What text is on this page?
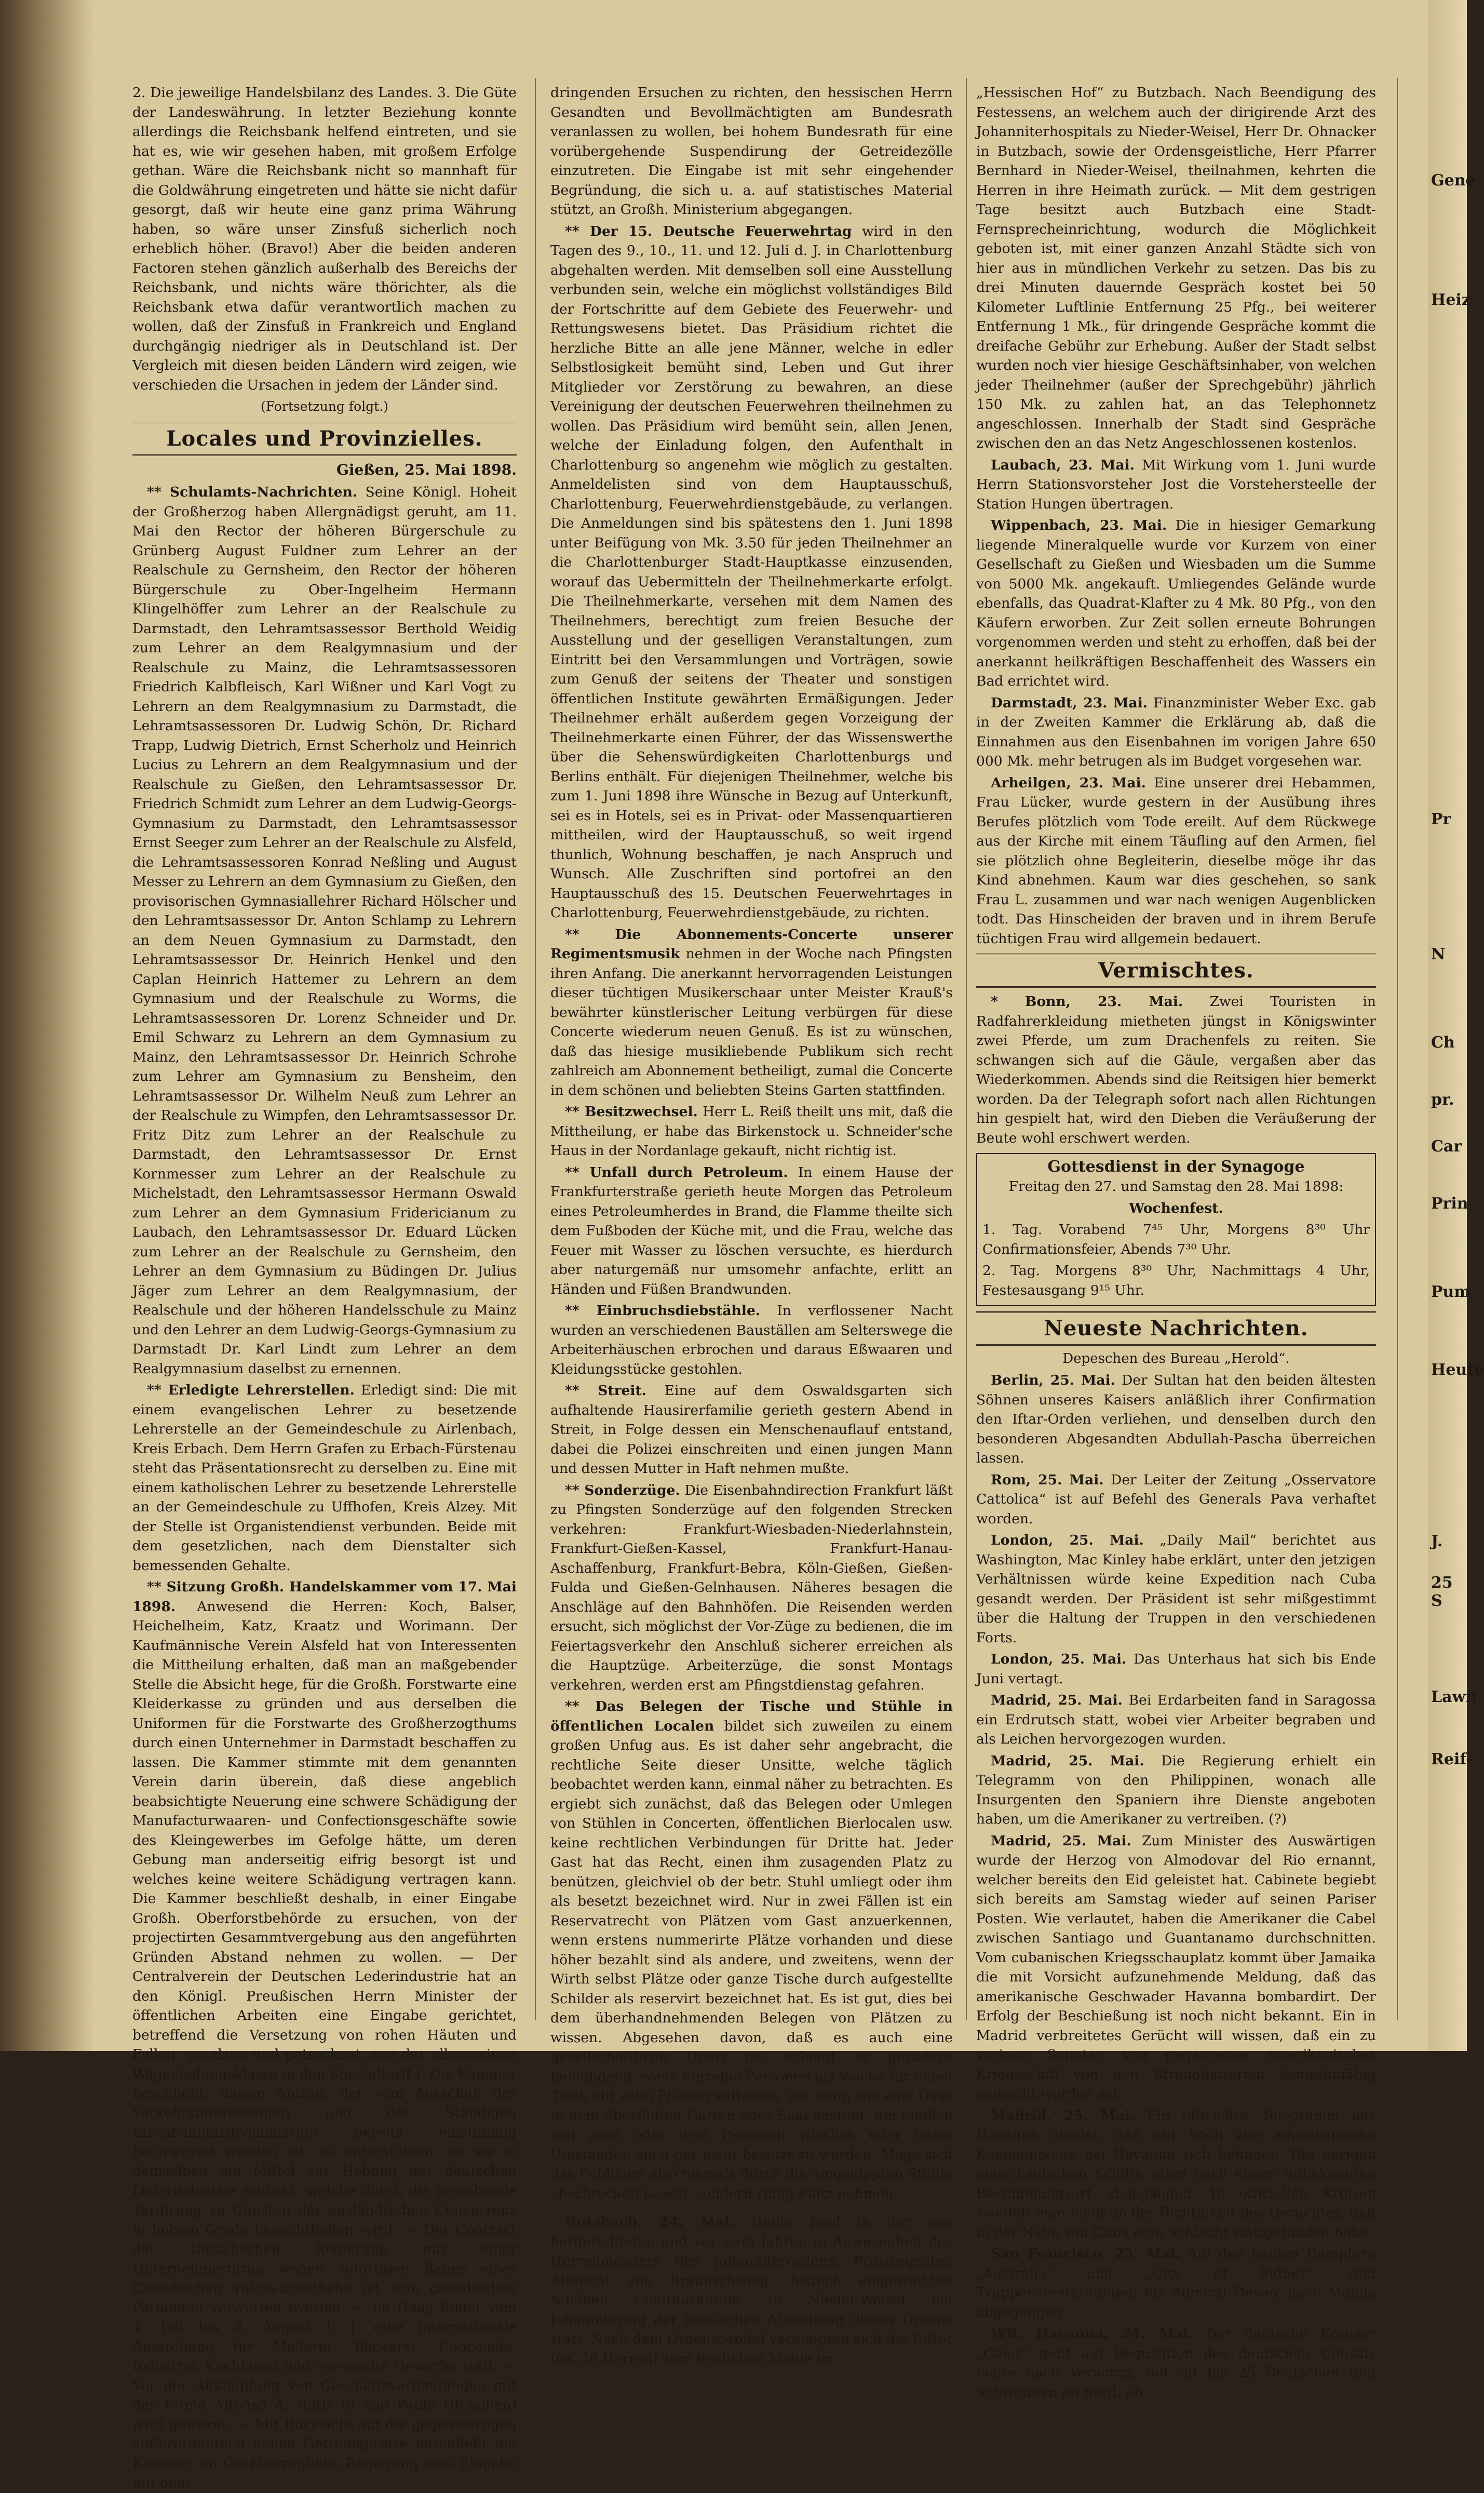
2. Die jeweilige Handelsbilanz des Landes. 3. Die Güte der Landeswährung. In letzter Beziehung konnte allerdings die Reichsbank helfend eintreten, und sie hat es, wie wir gesehen haben, mit großem Erfolge gethan. Wäre die Reichsbank nicht so mannhaft für die Goldwährung eingetreten und hätte sie nicht dafür gesorgt, daß wir heute eine ganz prima Währung haben, so wäre unser Zinsfuß sicherlich noch erheblich höher. (Bravo!) Aber die beiden anderen Factoren stehen gänzlich außerhalb des Bereichs der Reichsbank, und nichts wäre thörichter, als die Reichsbank etwa dafür verantwortlich machen zu wollen, daß der Zinsfuß in Frankreich und England durchgängig niedriger als in Deutschland ist. Der Vergleich mit diesen beiden Ländern wird zeigen, wie verschieden die Ursachen in jedem der Länder sind.

(Fortsetzung folgt.)
Locales und Provinzielles.
Gießen, 25. Mai 1898.

** Schulamts-Nachrichten. Seine Königl. Hoheit der Großherzog haben Allergnädigst geruht, am 11. Mai den Rector der höheren Bürgerschule zu Grünberg August Fuldner zum Lehrer an der Realschule zu Gernsheim, den Rector der höheren Bürgerschule zu Ober-Ingelheim Hermann Klingelhöffer zum Lehrer an der Realschule zu Darmstadt, den Lehramtsassessor Berthold Weidig zum Lehrer an dem Realgymnasium und der Realschule zu Mainz, die Lehramtsassessoren Friedrich Kalbfleisch, Karl Wißner und Karl Vogt zu Lehrern an dem Realgymnasium zu Darmstadt, die Lehramtsassessoren Dr. Ludwig Schön, Dr. Richard Trapp, Ludwig Dietrich, Ernst Scherholz und Heinrich Lucius zu Lehrern an dem Realgymnasium und der Realschule zu Gießen, den Lehramtsassessor Dr. Friedrich Schmidt zum Lehrer an dem Ludwig-Georgs-Gymnasium zu Darmstadt, den Lehramtsassessor Ernst Seeger zum Lehrer an der Realschule zu Alsfeld, die Lehramtsassessoren Konrad Neßling und August Messer zu Lehrern an dem Gymnasium zu Gießen, den provisorischen Gymnasiallehrer Richard Hölscher und den Lehramtsassessor Dr. Anton Schlamp zu Lehrern an dem Neuen Gymnasium zu Darmstadt, den Lehramtsassessor Dr. Heinrich Henkel und den Caplan Heinrich Hattemer zu Lehrern an dem Gymnasium und der Realschule zu Worms, die Lehramtsassessoren Dr. Lorenz Schneider und Dr. Emil Schwarz zu Lehrern an dem Gymnasium zu Mainz, den Lehramtsassessor Dr. Heinrich Schrohe zum Lehrer am Gymnasium zu Bensheim, den Lehramtsassessor Dr. Wilhelm Neuß zum Lehrer an der Realschule zu Wimpfen, den Lehramtsassessor Dr. Fritz Ditz zum Lehrer an der Realschule zu Darmstadt, den Lehramtsassessor Dr. Ernst Kornmesser zum Lehrer an der Realschule zu Michelstadt, den Lehramtsassessor Hermann Oswald zum Lehrer an dem Gymnasium Fridericianum zu Laubach, den Lehramtsassessor Dr. Eduard Lücken zum Lehrer an der Realschule zu Gernsheim, den Lehrer an dem Gymnasium zu Büdingen Dr. Julius Jäger zum Lehrer an dem Realgymnasium, der Realschule und der höheren Handelsschule zu Mainz und den Lehrer an dem Ludwig-Georgs-Gymnasium zu Darmstadt Dr. Karl Lindt zum Lehrer an dem Realgymnasium daselbst zu ernennen.

** Erledigte Lehrerstellen. Erledigt sind: Die mit einem evangelischen Lehrer zu besetzende Lehrerstelle an der Gemeindeschule zu Airlenbach, Kreis Erbach. Dem Herrn Grafen zu Erbach-Fürstenau steht das Präsentationsrecht zu derselben zu. Eine mit einem katholischen Lehrer zu besetzende Lehrerstelle an der Gemeindeschule zu Uffhofen, Kreis Alzey. Mit der Stelle ist Organistendienst verbunden. Beide mit dem gesetzlichen, nach dem Dienstalter sich bemessenden Gehalte.

** Sitzung Großh. Handelskammer vom 17. Mai 1898. Anwesend die Herren: Koch, Balser, Heichelheim, Katz, Kraatz und Worimann. Der Kaufmännische Verein Alsfeld hat von Interessenten die Mittheilung erhalten, daß man an maßgebender Stelle die Absicht hege, für die Großh. Forstwarte eine Kleiderkasse zu gründen und aus derselben die Uniformen für die Forstwarte des Großherzogthums durch einen Unternehmer in Darmstadt beschaffen zu lassen. Die Kammer stimmte mit dem genannten Verein darin überein, daß diese angeblich beabsichtigte Neuerung eine schwere Schädigung der Manufacturwaaren- und Confectionsgeschäfte sowie des Kleingewerbes im Gefolge hätte, um deren Gebung man anderseitig eifrig besorgt ist und welches keine weitere Schädigung vertragen kann. Die Kammer beschließt deshalb, in einer Eingabe Großh. Oberforstbehörde zu ersuchen, von der projectirten Gesammtvergebung aus den angeführten Gründen Abstand nehmen zu wollen. — Der Centralverein der Deutschen Lederindustrie hat an den Königl. Preußischen Herrn Minister der öffentlichen Arbeiten eine Eingabe gerichtet, betreffend die Versetzung von rohen Häuten und Fellen, gesalzen und getrocknet, aus der allgemeinen Wagenladungsklasse in den Specialtarif I. Die Kammer beschließt, diesen Antrag, der vom Ausschuß der Verkehrsinteressenten und der Ständigen Eisenbahntarifcommission bereits einstimmig befürwortet worden ist, zu unterstützen, da sie in demselben ein Mittel zur Hebung der deutschen Lederindustrie erblickt, welche durch die bestehende Tarifirung zu Gunsten der ausländischen Concurrenz in hohem Grade benachtheiligt wird. — Der Contract der Canadischen Regierung mit einer Unternehmerfirma wegen sofortigen Baues einer Canadischen Yukon-Eisenbahn ist vom canadischen Parlament verworfen worden. — Im Haag findet vom 4. Juli bis 2. August l. J. eine internationale Ausstellung für Müllerei, Bäckerei, Chocolade-Industrie, Kochkunst und verwandte Gewerbe statt. — Vor der Anknüpfung von Geschäftsverbindungen mit der Firma Alfonso A. Rutis in Sao Paulo (Brasilien) wird gewarnt. — Mit Rücksicht auf die gegenwärtigen außerordentlich hohen Getreidepreise beschließt die Kammer, an Großherzogliche Regierung eine Eingabe mit dem

dringenden Ersuchen zu richten, den hessischen Herrn Gesandten und Bevollmächtigten am Bundesrath veranlassen zu wollen, bei hohem Bundesrath für eine vorübergehende Suspendirung der Getreidezölle einzutreten. Die Eingabe ist mit sehr eingehender Begründung, die sich u. a. auf statistisches Material stützt, an Großh. Ministerium abgegangen.

** Der 15. Deutsche Feuerwehrtag wird in den Tagen des 9., 10., 11. und 12. Juli d. J. in Charlottenburg abgehalten werden. Mit demselben soll eine Ausstellung verbunden sein, welche ein möglichst vollständiges Bild der Fortschritte auf dem Gebiete des Feuerwehr- und Rettungswesens bietet. Das Präsidium richtet die herzliche Bitte an alle jene Männer, welche in edler Selbstlosigkeit bemüht sind, Leben und Gut ihrer Mitglieder vor Zerstörung zu bewahren, an diese Vereinigung der deutschen Feuerwehren theilnehmen zu wollen. Das Präsidium wird bemüht sein, allen Jenen, welche der Einladung folgen, den Aufenthalt in Charlottenburg so angenehm wie möglich zu gestalten. Anmeldelisten sind von dem Hauptausschuß, Charlottenburg, Feuerwehrdienstgebäude, zu verlangen. Die Anmeldungen sind bis spätestens den 1. Juni 1898 unter Beifügung von Mk. 3.50 für jeden Theilnehmer an die Charlottenburger Stadt-Hauptkasse einzusenden, worauf das Uebermitteln der Theilnehmerkarte erfolgt. Die Theilnehmerkarte, versehen mit dem Namen des Theilnehmers, berechtigt zum freien Besuche der Ausstellung und der geselligen Veranstaltungen, zum Eintritt bei den Versammlungen und Vorträgen, sowie zum Genuß der seitens der Theater und sonstigen öffentlichen Institute gewährten Ermäßigungen. Jeder Theilnehmer erhält außerdem gegen Vorzeigung der Theilnehmerkarte einen Führer, der das Wissenswerthe über die Sehenswürdigkeiten Charlottenburgs und Berlins enthält. Für diejenigen Theilnehmer, welche bis zum 1. Juni 1898 ihre Wünsche in Bezug auf Unterkunft, sei es in Hotels, sei es in Privat- oder Massenquartieren mittheilen, wird der Hauptausschuß, so weit irgend thunlich, Wohnung beschaffen, je nach Anspruch und Wunsch. Alle Zuschriften sind portofrei an den Hauptausschuß des 15. Deutschen Feuerwehrtages in Charlottenburg, Feuerwehrdienstgebäude, zu richten.

** Die Abonnements-Concerte unserer Regimentsmusik nehmen in der Woche nach Pfingsten ihren Anfang. Die anerkannt hervorragenden Leistungen dieser tüchtigen Musikerschaar unter Meister Krauß's bewährter künstlerischer Leitung verbürgen für diese Concerte wiederum neuen Genuß. Es ist zu wünschen, daß das hiesige musikliebende Publikum sich recht zahlreich am Abonnement betheiligt, zumal die Concerte in dem schönen und beliebten Steins Garten stattfinden.

** Besitzwechsel. Herr L. Reiß theilt uns mit, daß die Mittheilung, er habe das Birkenstock u. Schneider'sche Haus in der Nordanlage gekauft, nicht richtig ist.

** Unfall durch Petroleum. In einem Hause der Frankfurterstraße gerieth heute Morgen das Petroleum eines Petroleumherdes in Brand, die Flamme theilte sich dem Fußboden der Küche mit, und die Frau, welche das Feuer mit Wasser zu löschen versuchte, es hierdurch aber naturgemäß nur umsomehr anfachte, erlitt an Händen und Füßen Brandwunden.

** Einbruchsdiebstähle. In verflossener Nacht wurden an verschiedenen Bauställen am Selterswege die Arbeiterhäuschen erbrochen und daraus Eßwaaren und Kleidungsstücke gestohlen.

** Streit. Eine auf dem Oswaldsgarten sich aufhaltende Hausirerfamilie gerieth gestern Abend in Streit, in Folge dessen ein Menschenauflauf entstand, dabei die Polizei einschreiten und einen jungen Mann und dessen Mutter in Haft nehmen mußte.

** Sonderzüge. Die Eisenbahndirection Frankfurt läßt zu Pfingsten Sonderzüge auf den folgenden Strecken verkehren: Frankfurt-Wiesbaden-Niederlahnstein, Frankfurt-Gießen-Kassel, Frankfurt-Hanau-Aschaffenburg, Frankfurt-Bebra, Köln-Gießen, Gießen-Fulda und Gießen-Gelnhausen. Näheres besagen die Anschläge auf den Bahnhöfen. Die Reisenden werden ersucht, sich möglichst der Vor-Züge zu bedienen, die im Feiertagsverkehr den Anschluß sicherer erreichen als die Hauptzüge. Arbeiterzüge, die sonst Montags verkehren, werden erst am Pfingstdienstag gefahren.

** Das Belegen der Tische und Stühle in öffentlichen Localen bildet sich zuweilen zu einem großen Unfug aus. Es ist daher sehr angebracht, die rechtliche Seite dieser Unsitte, welche täglich beobachtet werden kann, einmal näher zu betrachten. Es ergiebt sich zunächst, daß das Belegen oder Umlegen von Stühlen in Concerten, öffentlichen Bierlocalen usw. keine rechtlichen Verbindungen für Dritte hat. Jeder Gast hat das Recht, einen ihm zusagenden Platz zu benützen, gleichviel ob der betr. Stuhl umliegt oder ihm als besetzt bezeichnet wird. Nur in zwei Fällen ist ein Reservatrecht von Plätzen vom Gast anzuerkennen, wenn erstens nummerirte Plätze vorhanden und diese höher bezahlt sind als andere, und zweitens, wenn der Wirth selbst Plätze oder ganze Tische durch aufgestellte Schilder als reservirt bezeichnet hat. Es ist gut, dies bei dem überhandnehmenden Belegen von Plätzen zu wissen. Abgesehen davon, daß es auch eine gesellschaftliche Unart ist, scheint es geradezu beleidigend, wenn einzelne Personen als Wache für einen Tisch mit zehn Plätzen auftreten, der dann wie eine Oase in dem überfüllten Garten oder Saal dasteht, um endlich von zwei oder drei Personen wirklich oder unter Umständen auch gar nicht besetzt zu werden. Möge sich das Publikum also niemals durch die umgekippten Stühle abschrecken lassen, sondern ruhig Platz nehmen.

Butzbach, 24. Mai. Heute fand in der neu hergerichteten und vor zwei Jahren in Anwesenheit des Herrenmeisters des Johanniterordens, Prinzregenten Albrecht von Braunschweig, festlich eingeweihten schönen Comthurkirche zu Nieder-Weisel ein Johannitertag der hessischen Abtheilung dieses Ordens statt. Nach dem Ordenscapitel vereinigten sich die Ritter (ca. 26 Herren) zum festlichen Mahle im

„Hessischen Hof“ zu Butzbach. Nach Beendigung des Festessens, an welchem auch der dirigirende Arzt des Johanniterhospitals zu Nieder-Weisel, Herr Dr. Ohnacker in Butzbach, sowie der Ordensgeistliche, Herr Pfarrer Bernhard in Nieder-Weisel, theilnahmen, kehrten die Herren in ihre Heimath zurück. — Mit dem gestrigen Tage besitzt auch Butzbach eine Stadt-Fernsprecheinrichtung, wodurch die Möglichkeit geboten ist, mit einer ganzen Anzahl Städte sich von hier aus in mündlichen Verkehr zu setzen. Das bis zu drei Minuten dauernde Gespräch kostet bei 50 Kilometer Luftlinie Entfernung 25 Pfg., bei weiterer Entfernung 1 Mk., für dringende Gespräche kommt die dreifache Gebühr zur Erhebung. Außer der Stadt selbst wurden noch vier hiesige Geschäftsinhaber, von welchen jeder Theilnehmer (außer der Sprechgebühr) jährlich 150 Mk. zu zahlen hat, an das Telephonnetz angeschlossen. Innerhalb der Stadt sind Gespräche zwischen den an das Netz Angeschlossenen kostenlos.

Laubach, 23. Mai. Mit Wirkung vom 1. Juni wurde Herrn Stationsvorsteher Jost die Vorstehersteelle der Station Hungen übertragen.

Wippenbach, 23. Mai. Die in hiesiger Gemarkung liegende Mineralquelle wurde vor Kurzem von einer Gesellschaft zu Gießen und Wiesbaden um die Summe von 5000 Mk. angekauft. Umliegendes Gelände wurde ebenfalls, das Quadrat-Klafter zu 4 Mk. 80 Pfg., von den Käufern erworben. Zur Zeit sollen erneute Bohrungen vorgenommen werden und steht zu erhoffen, daß bei der anerkannt heilkräftigen Beschaffenheit des Wassers ein Bad errichtet wird.

Darmstadt, 23. Mai. Finanzminister Weber Exc. gab in der Zweiten Kammer die Erklärung ab, daß die Einnahmen aus den Eisenbahnen im vorigen Jahre 650 000 Mk. mehr betrugen als im Budget vorgesehen war.

Arheilgen, 23. Mai. Eine unserer drei Hebammen, Frau Lücker, wurde gestern in der Ausübung ihres Berufes plötzlich vom Tode ereilt. Auf dem Rückwege aus der Kirche mit einem Täufling auf den Armen, fiel sie plötzlich ohne Begleiterin, dieselbe möge ihr das Kind abnehmen. Kaum war dies geschehen, so sank Frau L. zusammen und war nach wenigen Augenblicken todt. Das Hinscheiden der braven und in ihrem Berufe tüchtigen Frau wird allgemein bedauert.

Vermischtes.

* Bonn, 23. Mai. Zwei Touristen in Radfahrerkleidung mietheten jüngst in Königswinter zwei Pferde, um zum Drachenfels zu reiten. Sie schwangen sich auf die Gäule, vergaßen aber das Wiederkommen. Abends sind die Reitsigen hier bemerkt worden. Da der Telegraph sofort nach allen Richtungen hin gespielt hat, wird den Dieben die Veräußerung der Beute wohl erschwert werden.

Gottesdienst in der Synagoge

Freitag den 27. und Samstag den 28. Mai 1898:

Wochenfest.

1. Tag. Vorabend 7⁴⁵ Uhr, Morgens 8³⁰ Uhr Confirmationsfeier, Abends 7³⁰ Uhr.

2. Tag. Morgens 8³⁰ Uhr, Nachmittags 4 Uhr, Festesausgang 9¹⁵ Uhr.

Neueste Nachrichten.
Depeschen des Bureau „Herold“.

Berlin, 25. Mai. Der Sultan hat den beiden ältesten Söhnen unseres Kaisers anläßlich ihrer Confirmation den Iftar-Orden verliehen, und denselben durch den besonderen Abgesandten Abdullah-Pascha überreichen lassen.

Rom, 25. Mai. Der Leiter der Zeitung „Osservatore Cattolica“ ist auf Befehl des Generals Pava verhaftet worden.

London, 25. Mai. „Daily Mail“ berichtet aus Washington, Mac Kinley habe erklärt, unter den jetzigen Verhältnissen würde keine Expedition nach Cuba gesandt werden. Der Präsident ist sehr mißgestimmt über die Haltung der Truppen in den verschiedenen Forts.

London, 25. Mai. Das Unterhaus hat sich bis Ende Juni vertagt.

Madrid, 25. Mai. Bei Erdarbeiten fand in Saragossa ein Erdrutsch statt, wobei vier Arbeiter begraben und als Leichen hervorgezogen wurden.

Madrid, 25. Mai. Die Regierung erhielt ein Telegramm von den Philippinen, wonach alle Insurgenten den Spaniern ihre Dienste angeboten haben, um die Amerikaner zu vertreiben. (?)

Madrid, 25. Mai. Zum Minister des Auswärtigen wurde der Herzog von Almodovar del Rio ernannt, welcher bereits den Eid geleistet hat. Cabinete begiebt sich bereits am Samstag wieder auf seinen Pariser Posten. Wie verlautet, haben die Amerikaner die Cabel zwischen Santiago und Guantanamo durchschnitten. Vom cubanischen Kriegsschauplatz kommt über Jamaika die mit Vorsicht aufzunehmende Meldung, daß das amerikanische Geschwader Havanna bombardirt. Der Erfolg der Beschießung ist noch nicht bekannt. Ein in Madrid verbreitetes Gerücht will wissen, daß ein zu vorigen Sonntag von gegangenes amerikanisches Kriegsschiff von den Strandbatterien kampfunfähig gemacht worden sei.

Madrid, 25. Mai. Ein officielles Telegramm aus Havanna meldet, daß nur noch vier amerikanische Kanonenboote bei Havanna sich befinden. Die übrigen amerikanischen Schiffe seien nach einem unbekannten Bestimmungsort abgegangen. In officiellen Kreisen zweifelt man nicht an der Richtigkeit des Gerüchtes, daß in der Nähe von Cuba eine Schlacht stattgefunden habe.

San Francisco, 25. Mai. Auf den beiden Dampfern „Australia“ und „City of Sidney“ sind Truppenverstärkungen für Admiral Dewey nach Manila abgegangen.

WB. Havanna, 24. Mai. Der deutsche Kreuzer „Geier“ geht auf Requisition des deutschen Consuls heute nach Veracruz, mit 20 bis 25 Deutschen und Schweizern an Bord, ab.

Gene
Heiz
Pr
N
Ch
pr.
Car
Prin
Pum
Heute
J.
25 S
Lawn
Reif-
